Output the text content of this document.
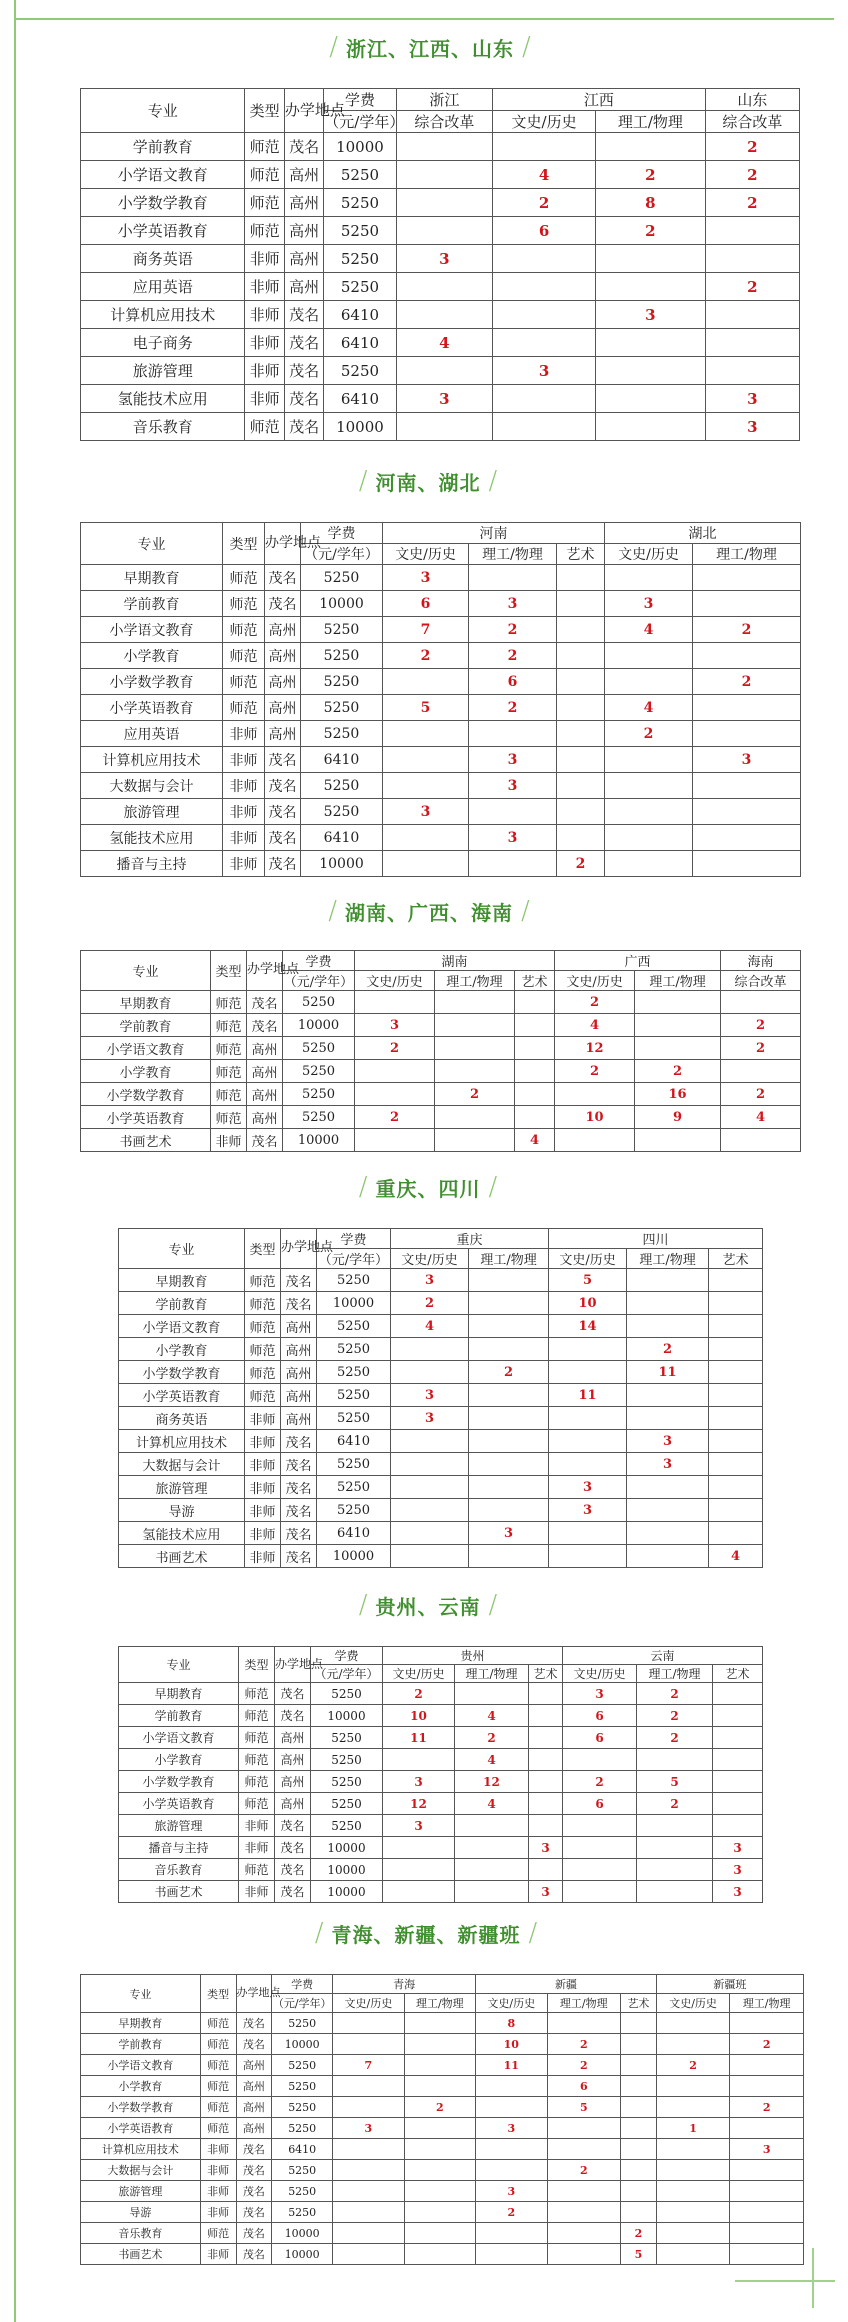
/ 浙江、江西、山东 /
专业	类型	办学地点	学费	浙江	江西		山东
			（元/学年）	综合改革	文史/历史	理工/物理	综合改革
学前教育	师范	茂名	10000				2
小学语文教育	师范	高州	5250		4	2	2
小学数学教育	师范	高州	5250		2	8	2
小学英语教育	师范	高州	5250		6	2	
商务英语	非师	高州	5250	3			
应用英语	非师	高州	5250				2
计算机应用技术	非师	茂名	6410			3	
电子商务	非师	茂名	6410	4			
旅游管理	非师	茂名	5250		3		
氢能技术应用	非师	茂名	6410	3			3
音乐教育	师范	茂名	10000				3
/ 河南、湖北 /
专业	类型	办学地点	学费	河南			湖北	
			（元/学年）	文史/历史	理工/物理	艺术	文史/历史	理工/物理
早期教育	师范	茂名	5250	3				
学前教育	师范	茂名	10000	6	3		3	
小学语文教育	师范	高州	5250	7	2		4	2
小学教育	师范	高州	5250	2	2			
小学数学教育	师范	高州	5250		6			2
小学英语教育	师范	高州	5250	5	2		4	
应用英语	非师	高州	5250				2	
计算机应用技术	非师	茂名	6410		3			3
大数据与会计	非师	茂名	5250		3			
旅游管理	非师	茂名	5250	3				
氢能技术应用	非师	茂名	6410		3			
播音与主持	非师	茂名	10000			2		
/ 湖南、广西、海南 /
专业	类型	办学地点	学费	湖南			广西		海南
			（元/学年）	文史/历史	理工/物理	艺术	文史/历史	理工/物理	综合改革
早期教育	师范	茂名	5250				2		
学前教育	师范	茂名	10000	3			4		2
小学语文教育	师范	高州	5250	2			12		2
小学教育	师范	高州	5250				2	2	
小学数学教育	师范	高州	5250		2			16	2
小学英语教育	师范	高州	5250	2			10	9	4
书画艺术	非师	茂名	10000			4			
/ 重庆、四川 /
专业	类型	办学地点	学费	重庆		四川		
			（元/学年）	文史/历史	理工/物理	文史/历史	理工/物理	艺术
早期教育	师范	茂名	5250	3		5		
学前教育	师范	茂名	10000	2		10		
小学语文教育	师范	高州	5250	4		14		
小学教育	师范	高州	5250				2	
小学数学教育	师范	高州	5250		2		11	
小学英语教育	师范	高州	5250	3		11		
商务英语	非师	高州	5250	3				
计算机应用技术	非师	茂名	6410				3	
大数据与会计	非师	茂名	5250				3	
旅游管理	非师	茂名	5250			3		
导游	非师	茂名	5250			3		
氢能技术应用	非师	茂名	6410		3			
书画艺术	非师	茂名	10000					4
/ 贵州、云南 /
专业	类型	办学地点	学费	贵州			云南		
			（元/学年）	文史/历史	理工/物理	艺术	文史/历史	理工/物理	艺术
早期教育	师范	茂名	5250	2			3	2	
学前教育	师范	茂名	10000	10	4		6	2	
小学语文教育	师范	高州	5250	11	2		6	2	
小学教育	师范	高州	5250		4				
小学数学教育	师范	高州	5250	3	12		2	5	
小学英语教育	师范	高州	5250	12	4		6	2	
旅游管理	非师	茂名	5250	3					
播音与主持	非师	茂名	10000			3			3
音乐教育	师范	茂名	10000						3
书画艺术	非师	茂名	10000			3			3
/ 青海、新疆、新疆班 /
专业	类型	办学地点	学费	青海		新疆			新疆班	
			（元/学年）	文史/历史	理工/物理	文史/历史	理工/物理	艺术	文史/历史	理工/物理
早期教育	师范	茂名	5250			8				
学前教育	师范	茂名	10000			10	2			2
小学语文教育	师范	高州	5250	7		11	2		2	
小学教育	师范	高州	5250				6			
小学数学教育	师范	高州	5250		2		5			2
小学英语教育	师范	高州	5250	3		3			1	
计算机应用技术	非师	茂名	6410							3
大数据与会计	非师	茂名	5250				2			
旅游管理	非师	茂名	5250			3				
导游	非师	茂名	5250			2				
音乐教育	师范	茂名	10000					2		
书画艺术	非师	茂名	10000					5		
